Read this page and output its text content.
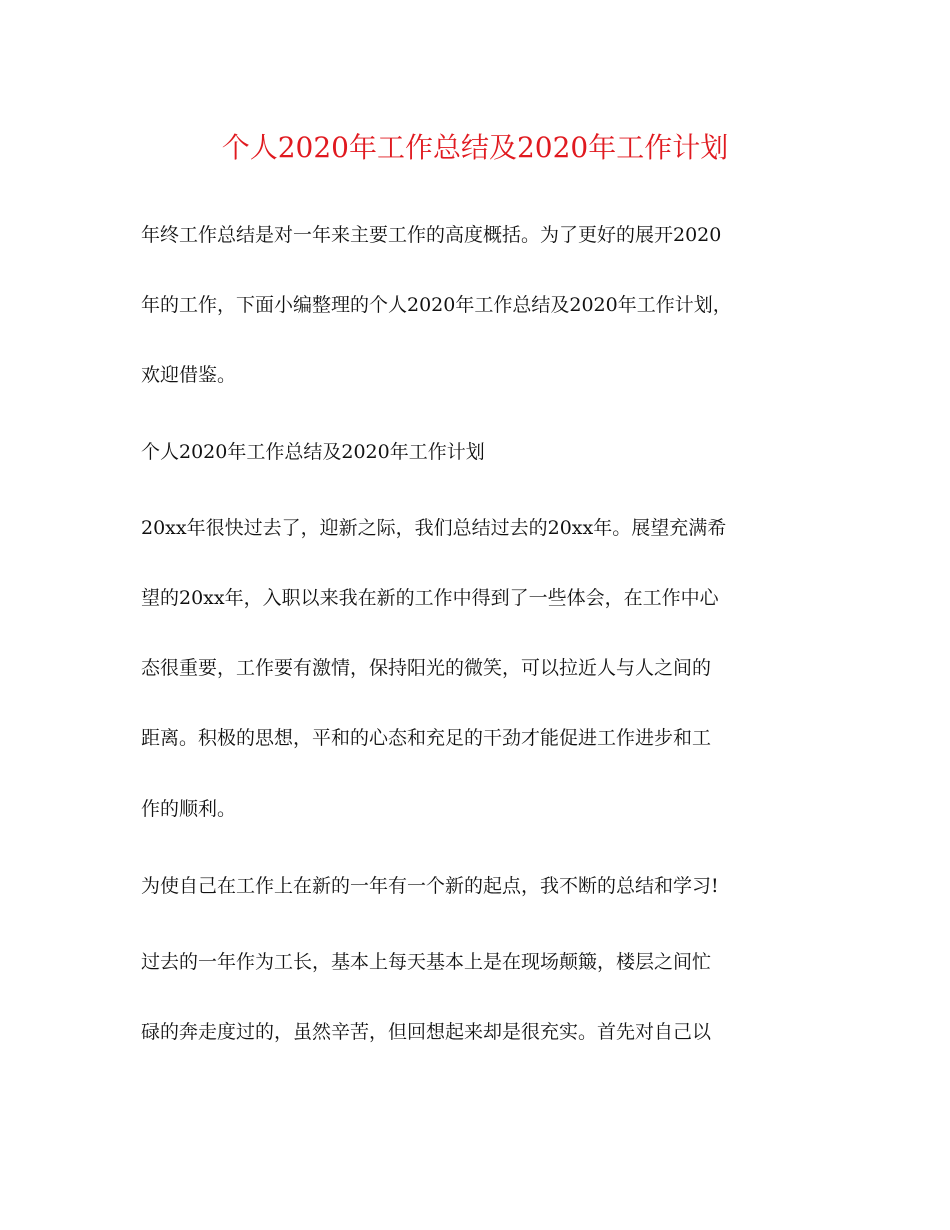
个人2020年工作总结及2020年工作计划
年终工作总结是对一年来主要工作的高度概括。为了更好的展开2020
年的工作，下面小编整理的个人2020年工作总结及2020年工作计划，
欢迎借鉴。
个人2020年工作总结及2020年工作计划
20xx年很快过去了，迎新之际，我们总结过去的20xx年。展望充满希
望的20xx年，入职以来我在新的工作中得到了一些体会，在工作中心
态很重要，工作要有激情，保持阳光的微笑，可以拉近人与人之间的
距离。积极的思想，平和的心态和充足的干劲才能促进工作进步和工
作的顺利。
为使自己在工作上在新的一年有一个新的起点，我不断的总结和学习!
过去的一年作为工长，基本上每天基本上是在现场颠簸，楼层之间忙
碌的奔走度过的，虽然辛苦，但回想起来却是很充实。首先对自己以
